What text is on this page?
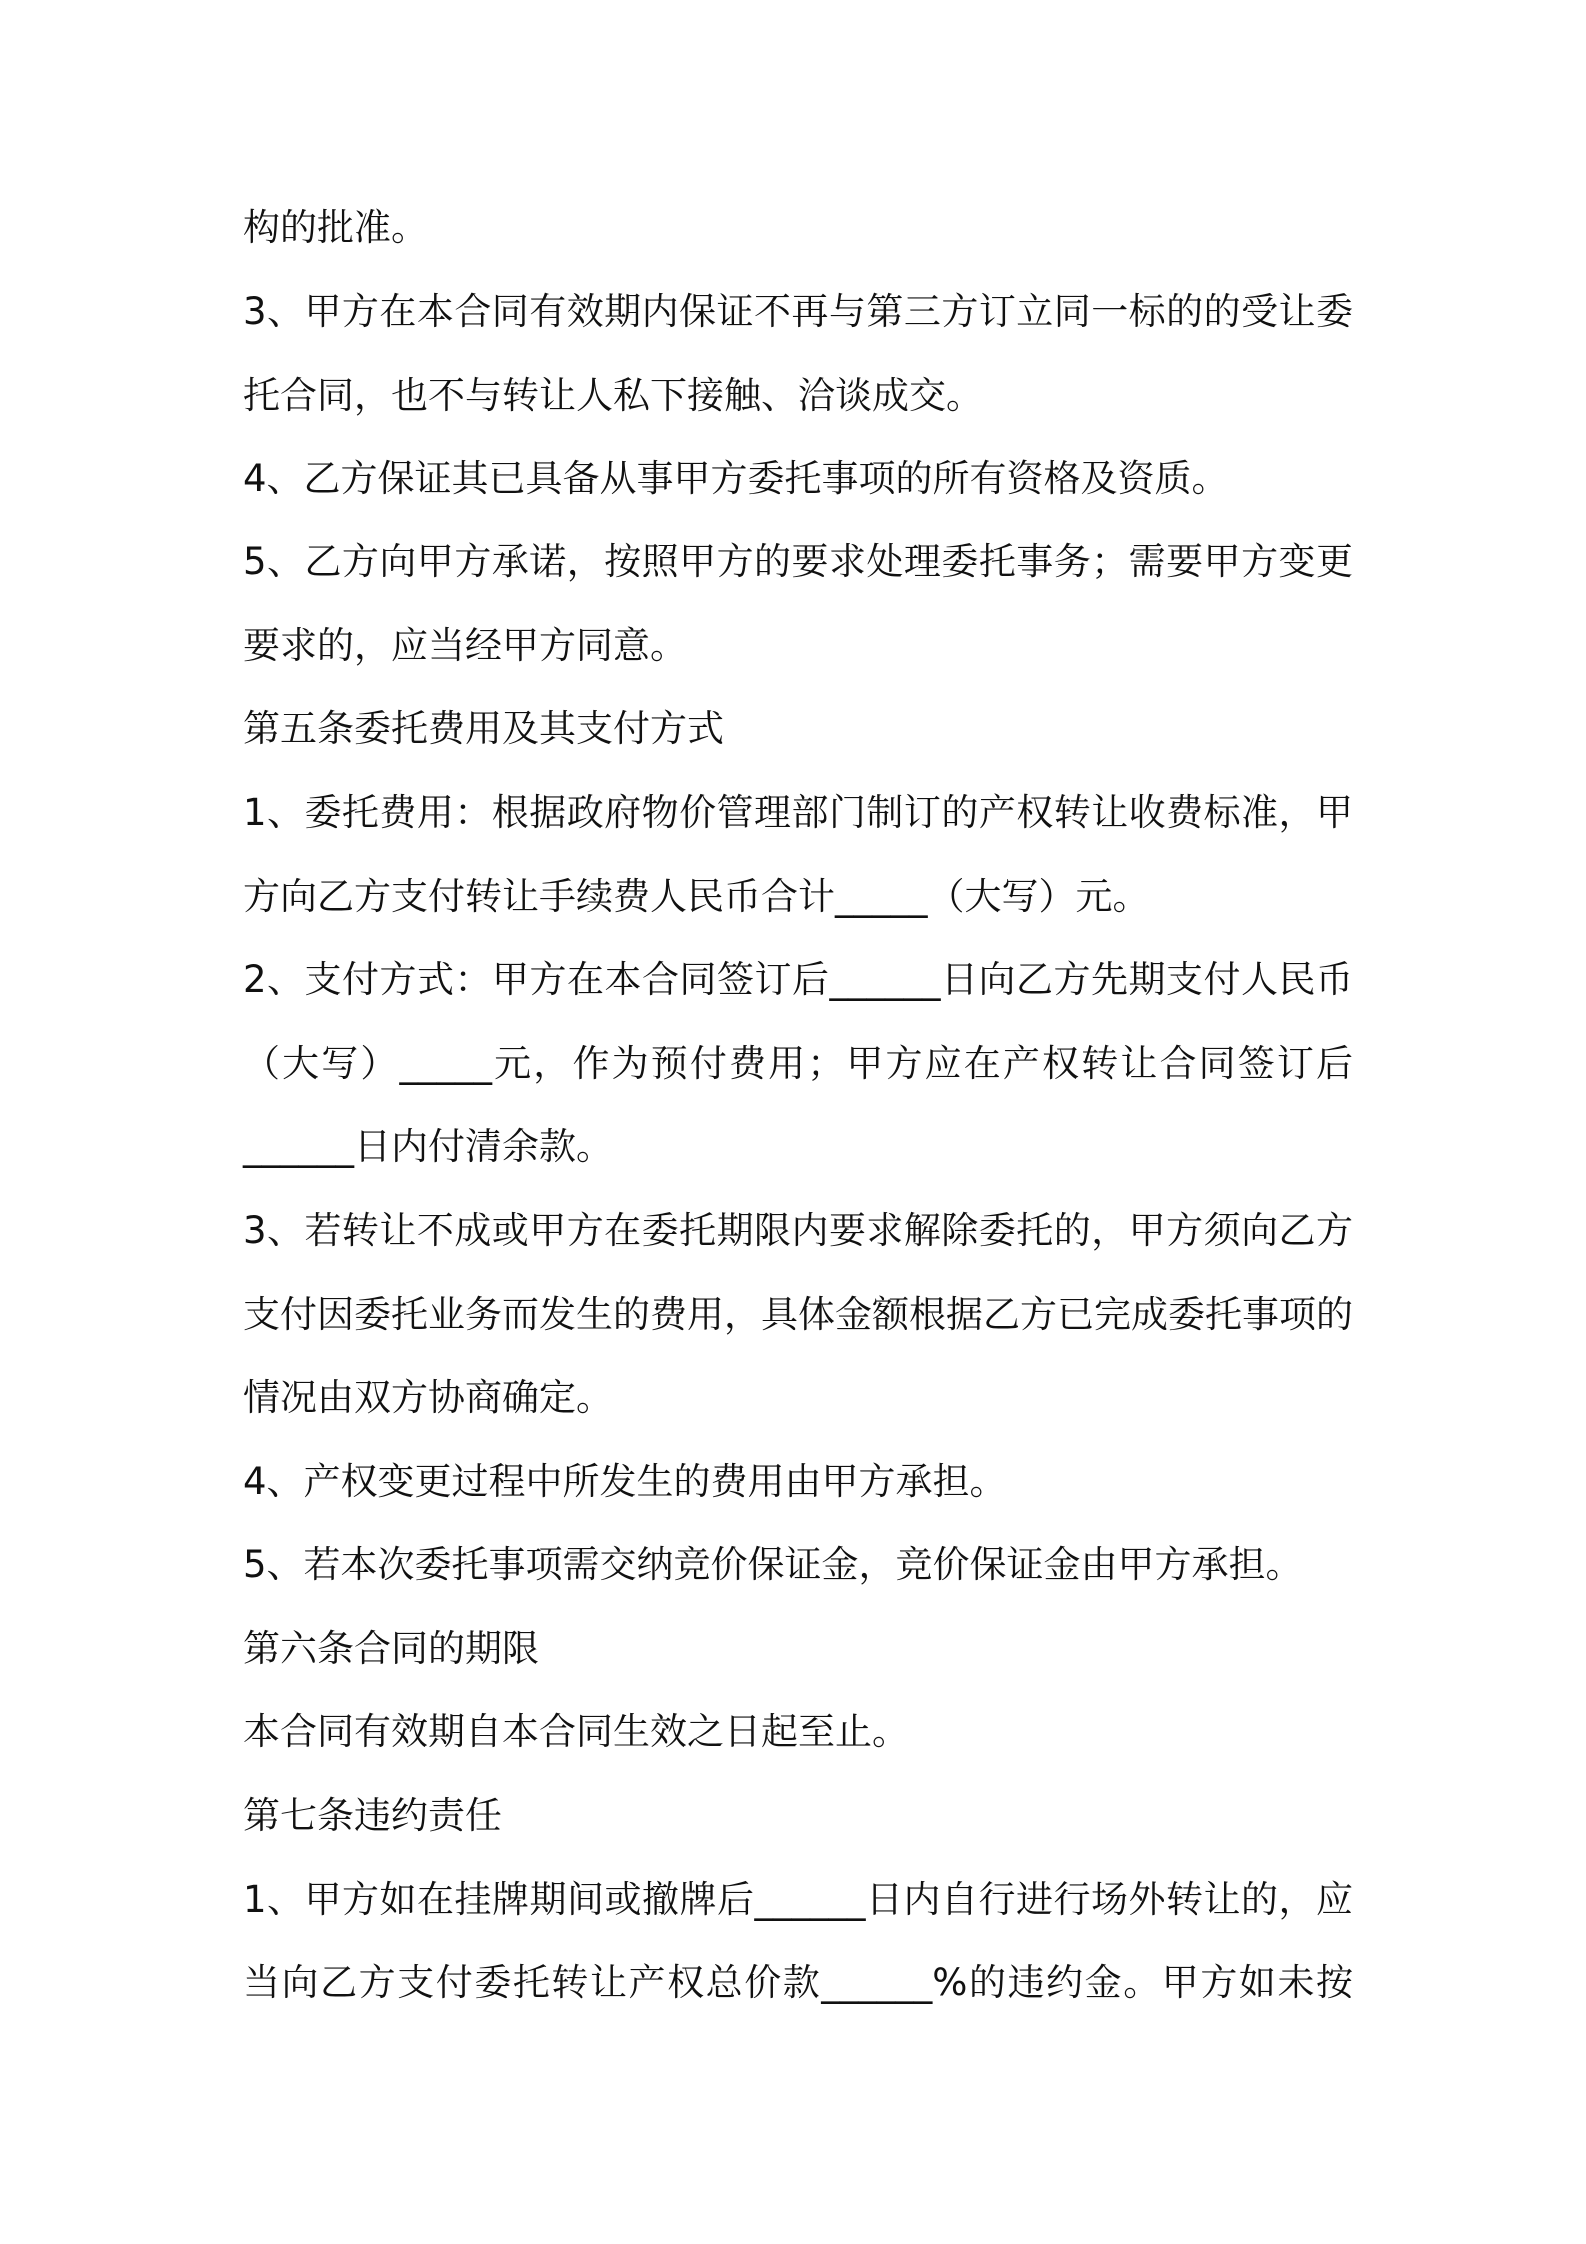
构的批准。
3、甲方在本合同有效期内保证不再与第三方订立同一标的的受让委
托合同，也不与转让人私下接触、洽谈成交。
4、乙方保证其已具备从事甲方委托事项的所有资格及资质。
5、乙方向甲方承诺，按照甲方的要求处理委托事务；需要甲方变更
要求的，应当经甲方同意。
第五条委托费用及其支付方式
1、委托费用：根据政府物价管理部门制订的产权转让收费标准，甲
方向乙方支付转让手续费人民币合计_____（大写）元。
2、支付方式：甲方在本合同签订后______日向乙方先期支付人民币
（大写）_____元，作为预付费用；甲方应在产权转让合同签订后
______日内付清余款。
3、若转让不成或甲方在委托期限内要求解除委托的，甲方须向乙方
支付因委托业务而发生的费用，具体金额根据乙方已完成委托事项的
情况由双方协商确定。
4、产权变更过程中所发生的费用由甲方承担。
5、若本次委托事项需交纳竞价保证金，竞价保证金由甲方承担。
第六条合同的期限
本合同有效期自本合同生效之日起至止。
第七条违约责任
1、甲方如在挂牌期间或撤牌后______日内自行进行场外转让的，应
当向乙方支付委托转让产权总价款______%的违约金。甲方如未按
